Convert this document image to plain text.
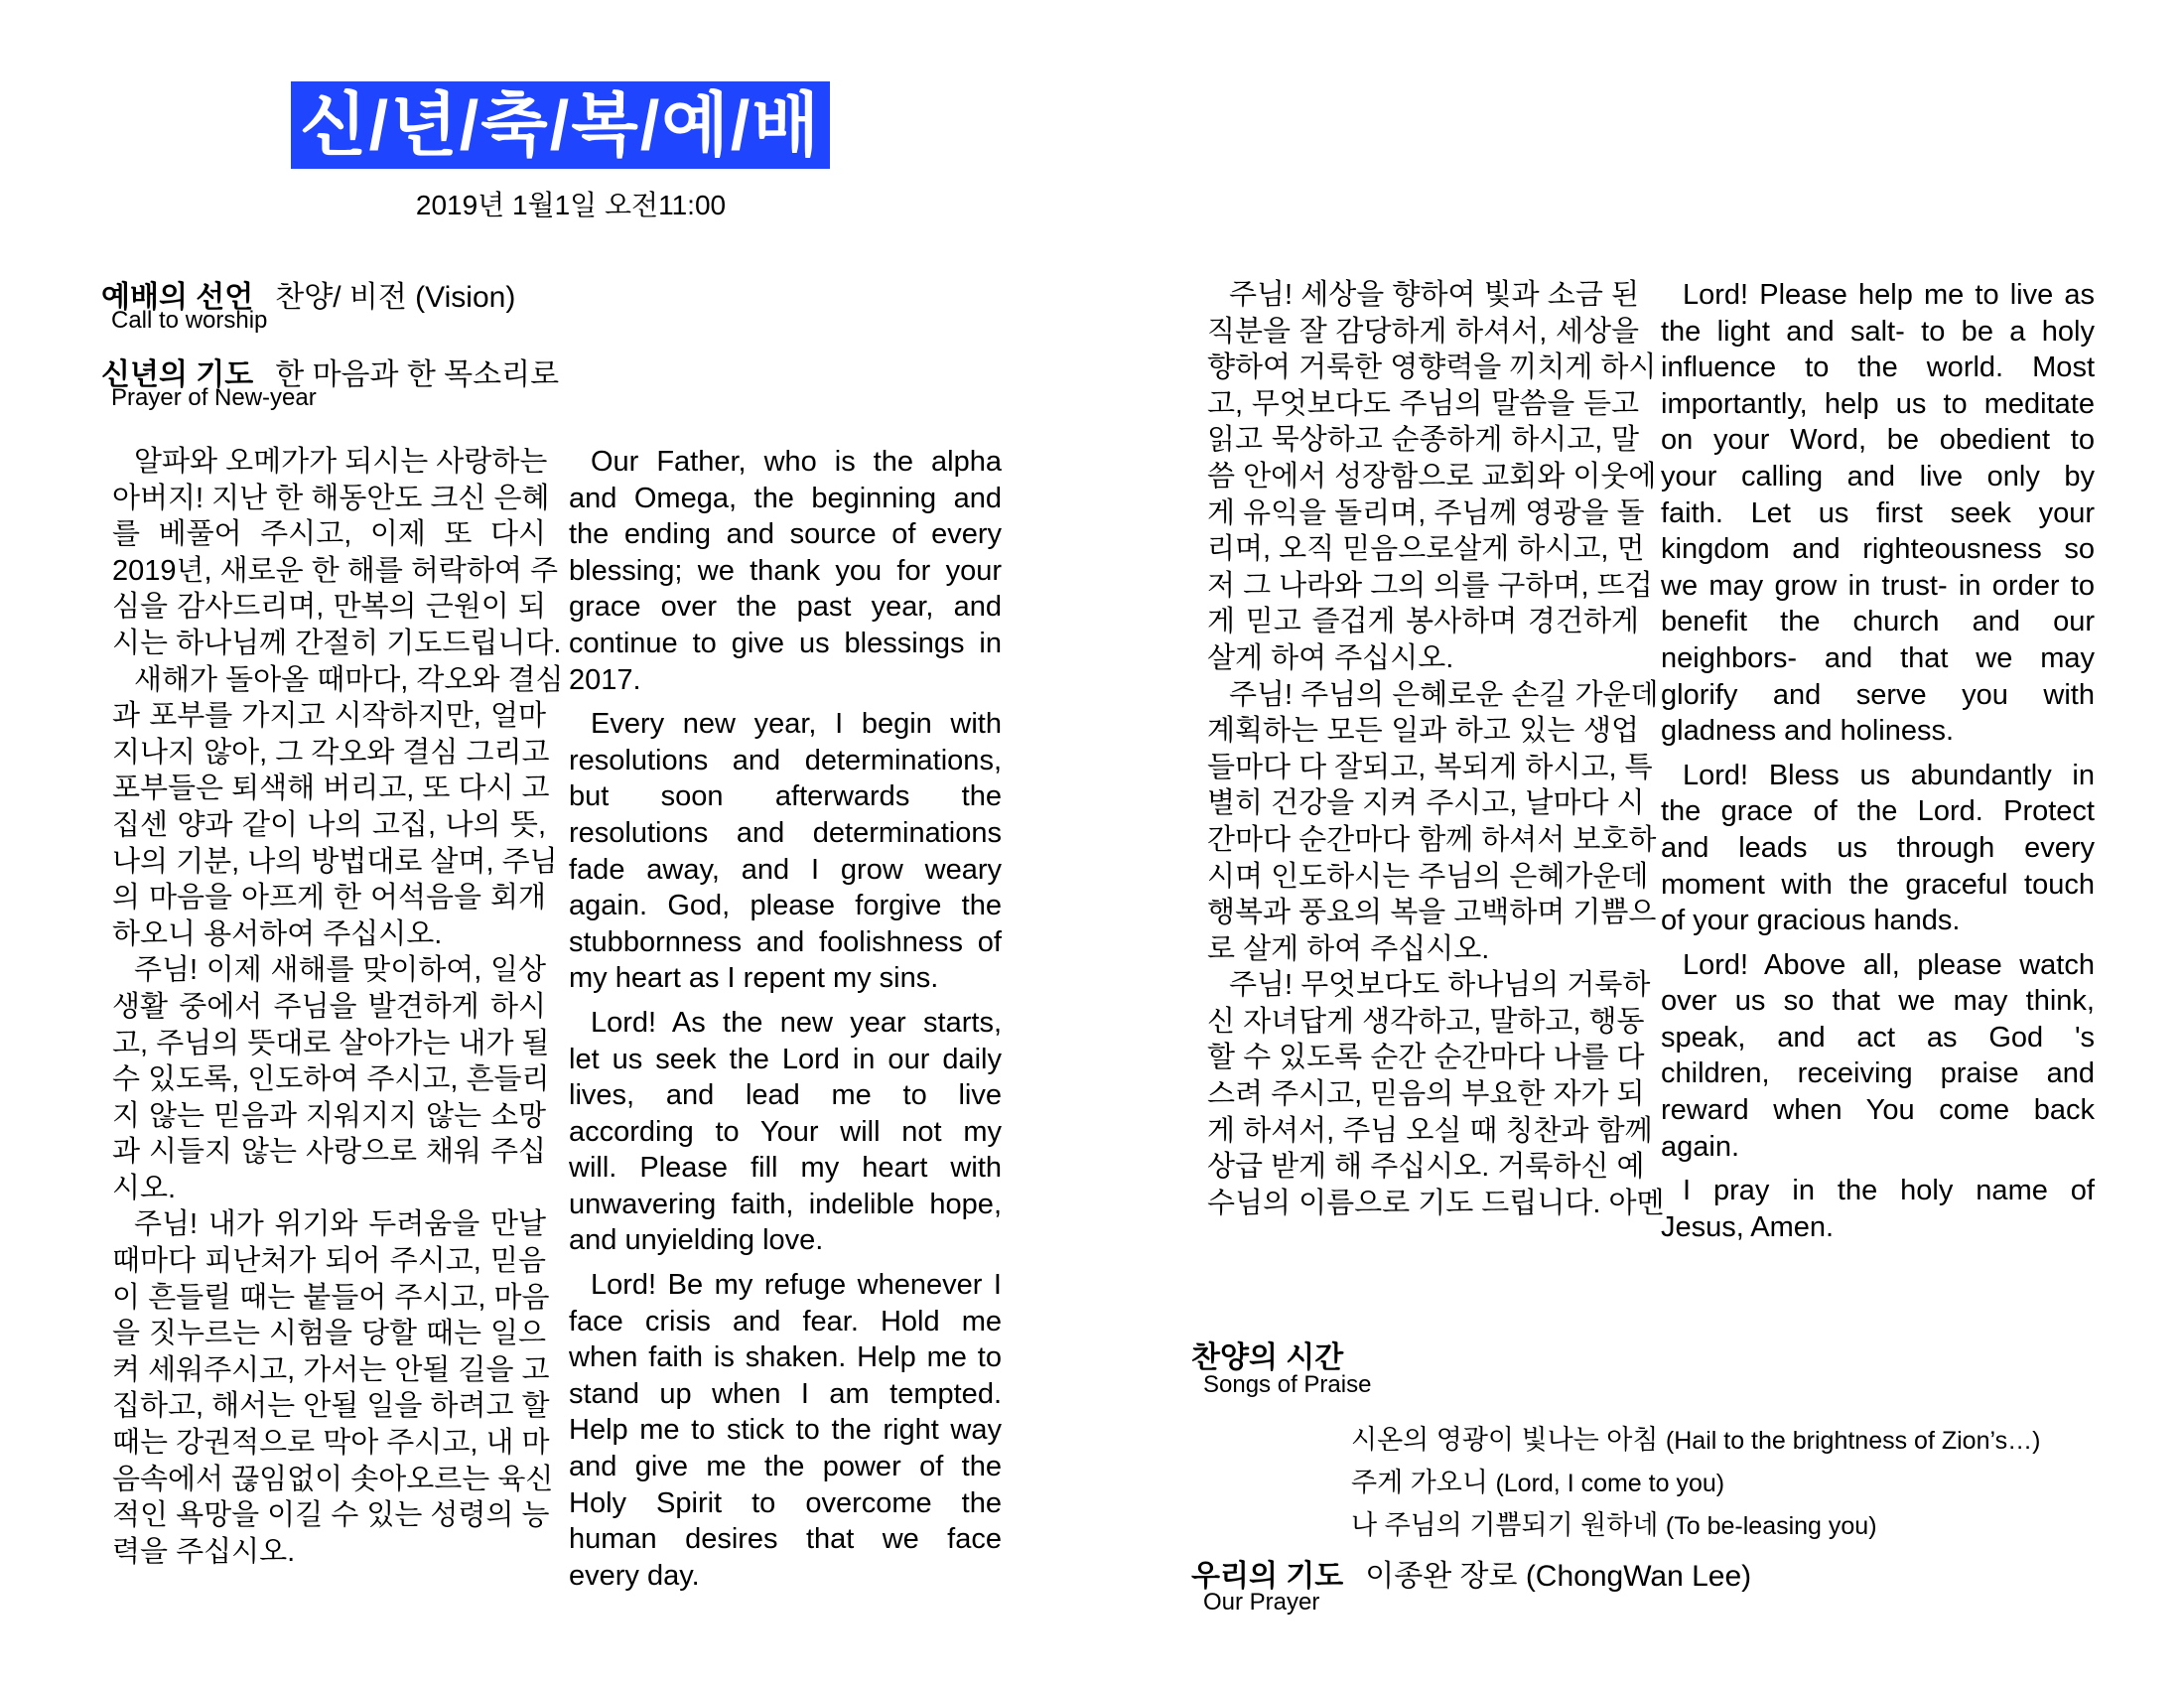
신/년/축/복/예/배
2019년 1월1일 오전11:00
예배의 선언 찬양/ 비전 (Vision)
Call to worship
신년의 기도 한 마음과 한 목소리로
Prayer of New-year
알파와 오메가가 되시는 사랑하는
아버지! 지난 한 해동안도 크신 은혜
를 베풀어 주시고, 이제 또 다시
2019년, 새로운 한 해를 허락하여 주
심을 감사드리며, 만복의 근원이 되
시는 하나님께 간절히 기도드립니다.
새해가 돌아올 때마다, 각오와 결심
과 포부를 가지고 시작하지만, 얼마
지나지 않아, 그 각오와 결심 그리고
포부들은 퇴색해 버리고, 또 다시 고
집센 양과 같이 나의 고집, 나의 뜻,
나의 기분, 나의 방법대로 살며, 주님
의 마음을 아프게 한 어석음을 회개
하오니 용서하여 주십시오.
주님! 이제 새해를 맞이하여, 일상
생활 중에서 주님을 발견하게 하시
고, 주님의 뜻대로 살아가는 내가 될
수 있도록, 인도하여 주시고, 흔들리
지 않는 믿음과 지워지지 않는 소망
과 시들지 않는 사랑으로 채워 주십
시오.
주님! 내가 위기와 두려움을 만날
때마다 피난처가 되어 주시고, 믿음
이 흔들릴 때는 붙들어 주시고, 마음
을 짓누르는 시험을 당할 때는 일으
켜 세워주시고, 가서는 안될 길을 고
집하고, 해서는 안될 일을 하려고 할
때는 강권적으로 막아 주시고, 내 마
음속에서 끊임없이 솟아오르는 육신
적인 욕망을 이길 수 있는 성령의 능
력을 주십시오.
Our Father, who is the alpha
and Omega, the beginning and
the ending and source of every
blessing; we thank you for your
grace over the past year, and
continue to give us blessings in
2017.
Every new year, I begin with
resolutions and determinations,
but soon afterwards the
resolutions and determinations
fade away, and I grow weary
again. God, please forgive the
stubbornness and foolishness of
my heart as I repent my sins.
Lord! As the new year starts,
let us seek the Lord in our daily
lives, and lead me to live
according to Your will not my
will. Please fill my heart with
unwavering faith, indelible hope,
and unyielding love.
Lord! Be my refuge whenever I
face crisis and fear. Hold me
when faith is shaken. Help me to
stand up when I am tempted.
Help me to stick to the right way
and give me the power of the
Holy Spirit to overcome the
human desires that we face
every day.
주님! 세상을 향하여 빛과 소금 된
직분을 잘 감당하게 하셔서, 세상을
향하여 거룩한 영향력을 끼치게 하시
고, 무엇보다도 주님의 말씀을 듣고
읽고 묵상하고 순종하게 하시고, 말
씀 안에서 성장함으로 교회와 이웃에
게 유익을 돌리며, 주님께 영광을 돌
리며, 오직 믿음으로살게 하시고, 먼
저 그 나라와 그의 의를 구하며, 뜨겁
게 믿고 즐겁게 봉사하며 경건하게
살게 하여 주십시오.
주님! 주님의 은혜로운 손길 가운데
계획하는 모든 일과 하고 있는 생업
들마다 다 잘되고, 복되게 하시고, 특
별히 건강을 지켜 주시고, 날마다 시
간마다 순간마다 함께 하셔서 보호하
시며 인도하시는 주님의 은혜가운데
행복과 풍요의 복을 고백하며 기쁨으
로 살게 하여 주십시오.
주님! 무엇보다도 하나님의 거룩하
신 자녀답게 생각하고, 말하고, 행동
할 수 있도록 순간 순간마다 나를 다
스려 주시고, 믿음의 부요한 자가 되
게 하셔서, 주님 오실 때 칭찬과 함께
상급 받게 해 주십시오. 거룩하신 예
수님의 이름으로 기도 드립니다. 아멘
Lord! Please help me to live as
the light and salt- to be a holy
influence to the world. Most
importantly, help us to meditate
on your Word, be obedient to
your calling and live only by
faith. Let us first seek your
kingdom and righteousness so
we may grow in trust- in order to
benefit the church and our
neighbors- and that we may
glorify and serve you with
gladness and holiness.
Lord! Bless us abundantly in
the grace of the Lord. Protect
and leads us through every
moment with the graceful touch
of your gracious hands.
Lord! Above all, please watch
over us so that we may think,
speak, and act as God 's
children, receiving praise and
reward when You come back
again.
I pray in the holy name of
Jesus, Amen.
찬양의 시간
Songs of Praise
시온의 영광이 빛나는 아침 (Hail to the brightness of Zion’s…)
주게 가오니 (Lord, I come to you)
나 주님의 기쁨되기 원하네 (To be-leasing you)
우리의 기도 이종완 장로 (ChongWan Lee)
Our Prayer
